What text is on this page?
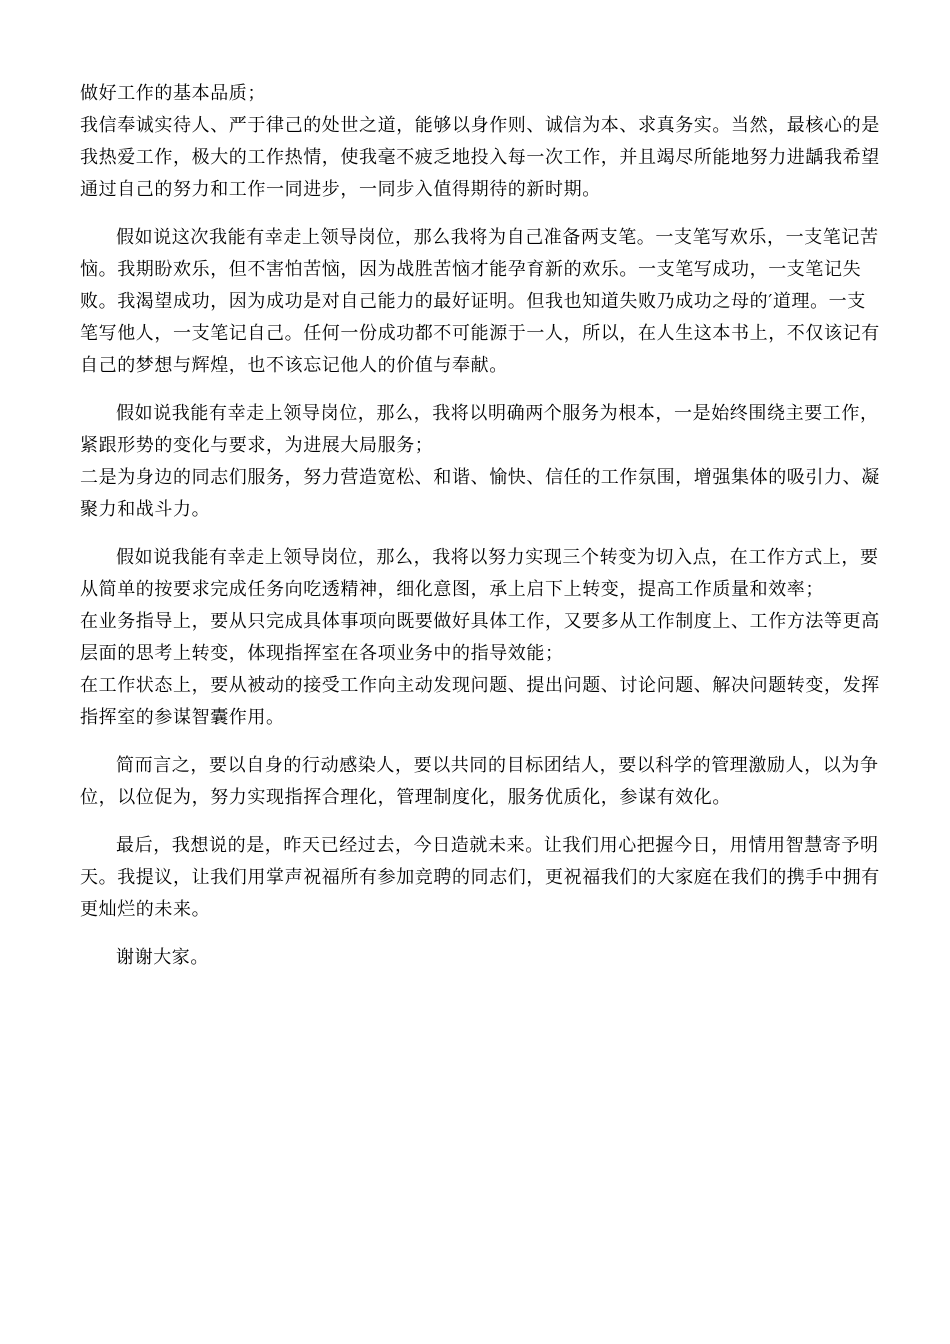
做好工作的基本品质；
我信奉诚实待人、严于律己的处世之道，能够以身作则、诚信为本、求真务实。当然，最核心的是
我热爱工作，极大的工作热情，使我毫不疲乏地投入每一次工作，并且竭尽所能地努力进龋我希望
通过自己的努力和工作一同进步，一同步入值得期待的新时期。
假如说这次我能有幸走上领导岗位，那么我将为自己准备两支笔。一支笔写欢乐，一支笔记苦
恼。我期盼欢乐，但不害怕苦恼，因为战胜苦恼才能孕育新的欢乐。一支笔写成功，一支笔记失
败。我渴望成功，因为成功是对自己能力的最好证明。但我也知道失败乃成功之母的′道理。一支
笔写他人，一支笔记自己。任何一份成功都不可能源于一人，所以，在人生这本书上，不仅该记有
自己的梦想与辉煌，也不该忘记他人的价值与奉献。
假如说我能有幸走上领导岗位，那么，我将以明确两个服务为根本，一是始终围绕主要工作，
紧跟形势的变化与要求，为进展大局服务；
二是为身边的同志们服务，努力营造宽松、和谐、愉快、信任的工作氛围，增强集体的吸引力、凝
聚力和战斗力。
假如说我能有幸走上领导岗位，那么，我将以努力实现三个转变为切入点，在工作方式上，要
从简单的按要求完成任务向吃透精神，细化意图，承上启下上转变，提高工作质量和效率；
在业务指导上，要从只完成具体事项向既要做好具体工作，又要多从工作制度上、工作方法等更高
层面的思考上转变，体现指挥室在各项业务中的指导效能；
在工作状态上，要从被动的接受工作向主动发现问题、提出问题、讨论问题、解决问题转变，发挥
指挥室的参谋智囊作用。
简而言之，要以自身的行动感染人，要以共同的目标团结人，要以科学的管理激励人，以为争
位，以位促为，努力实现指挥合理化，管理制度化，服务优质化，参谋有效化。
最后，我想说的是，昨天已经过去，今日造就未来。让我们用心把握今日，用情用智慧寄予明
天。我提议，让我们用掌声祝福所有参加竞聘的同志们，更祝福我们的大家庭在我们的携手中拥有
更灿烂的未来。
谢谢大家。
